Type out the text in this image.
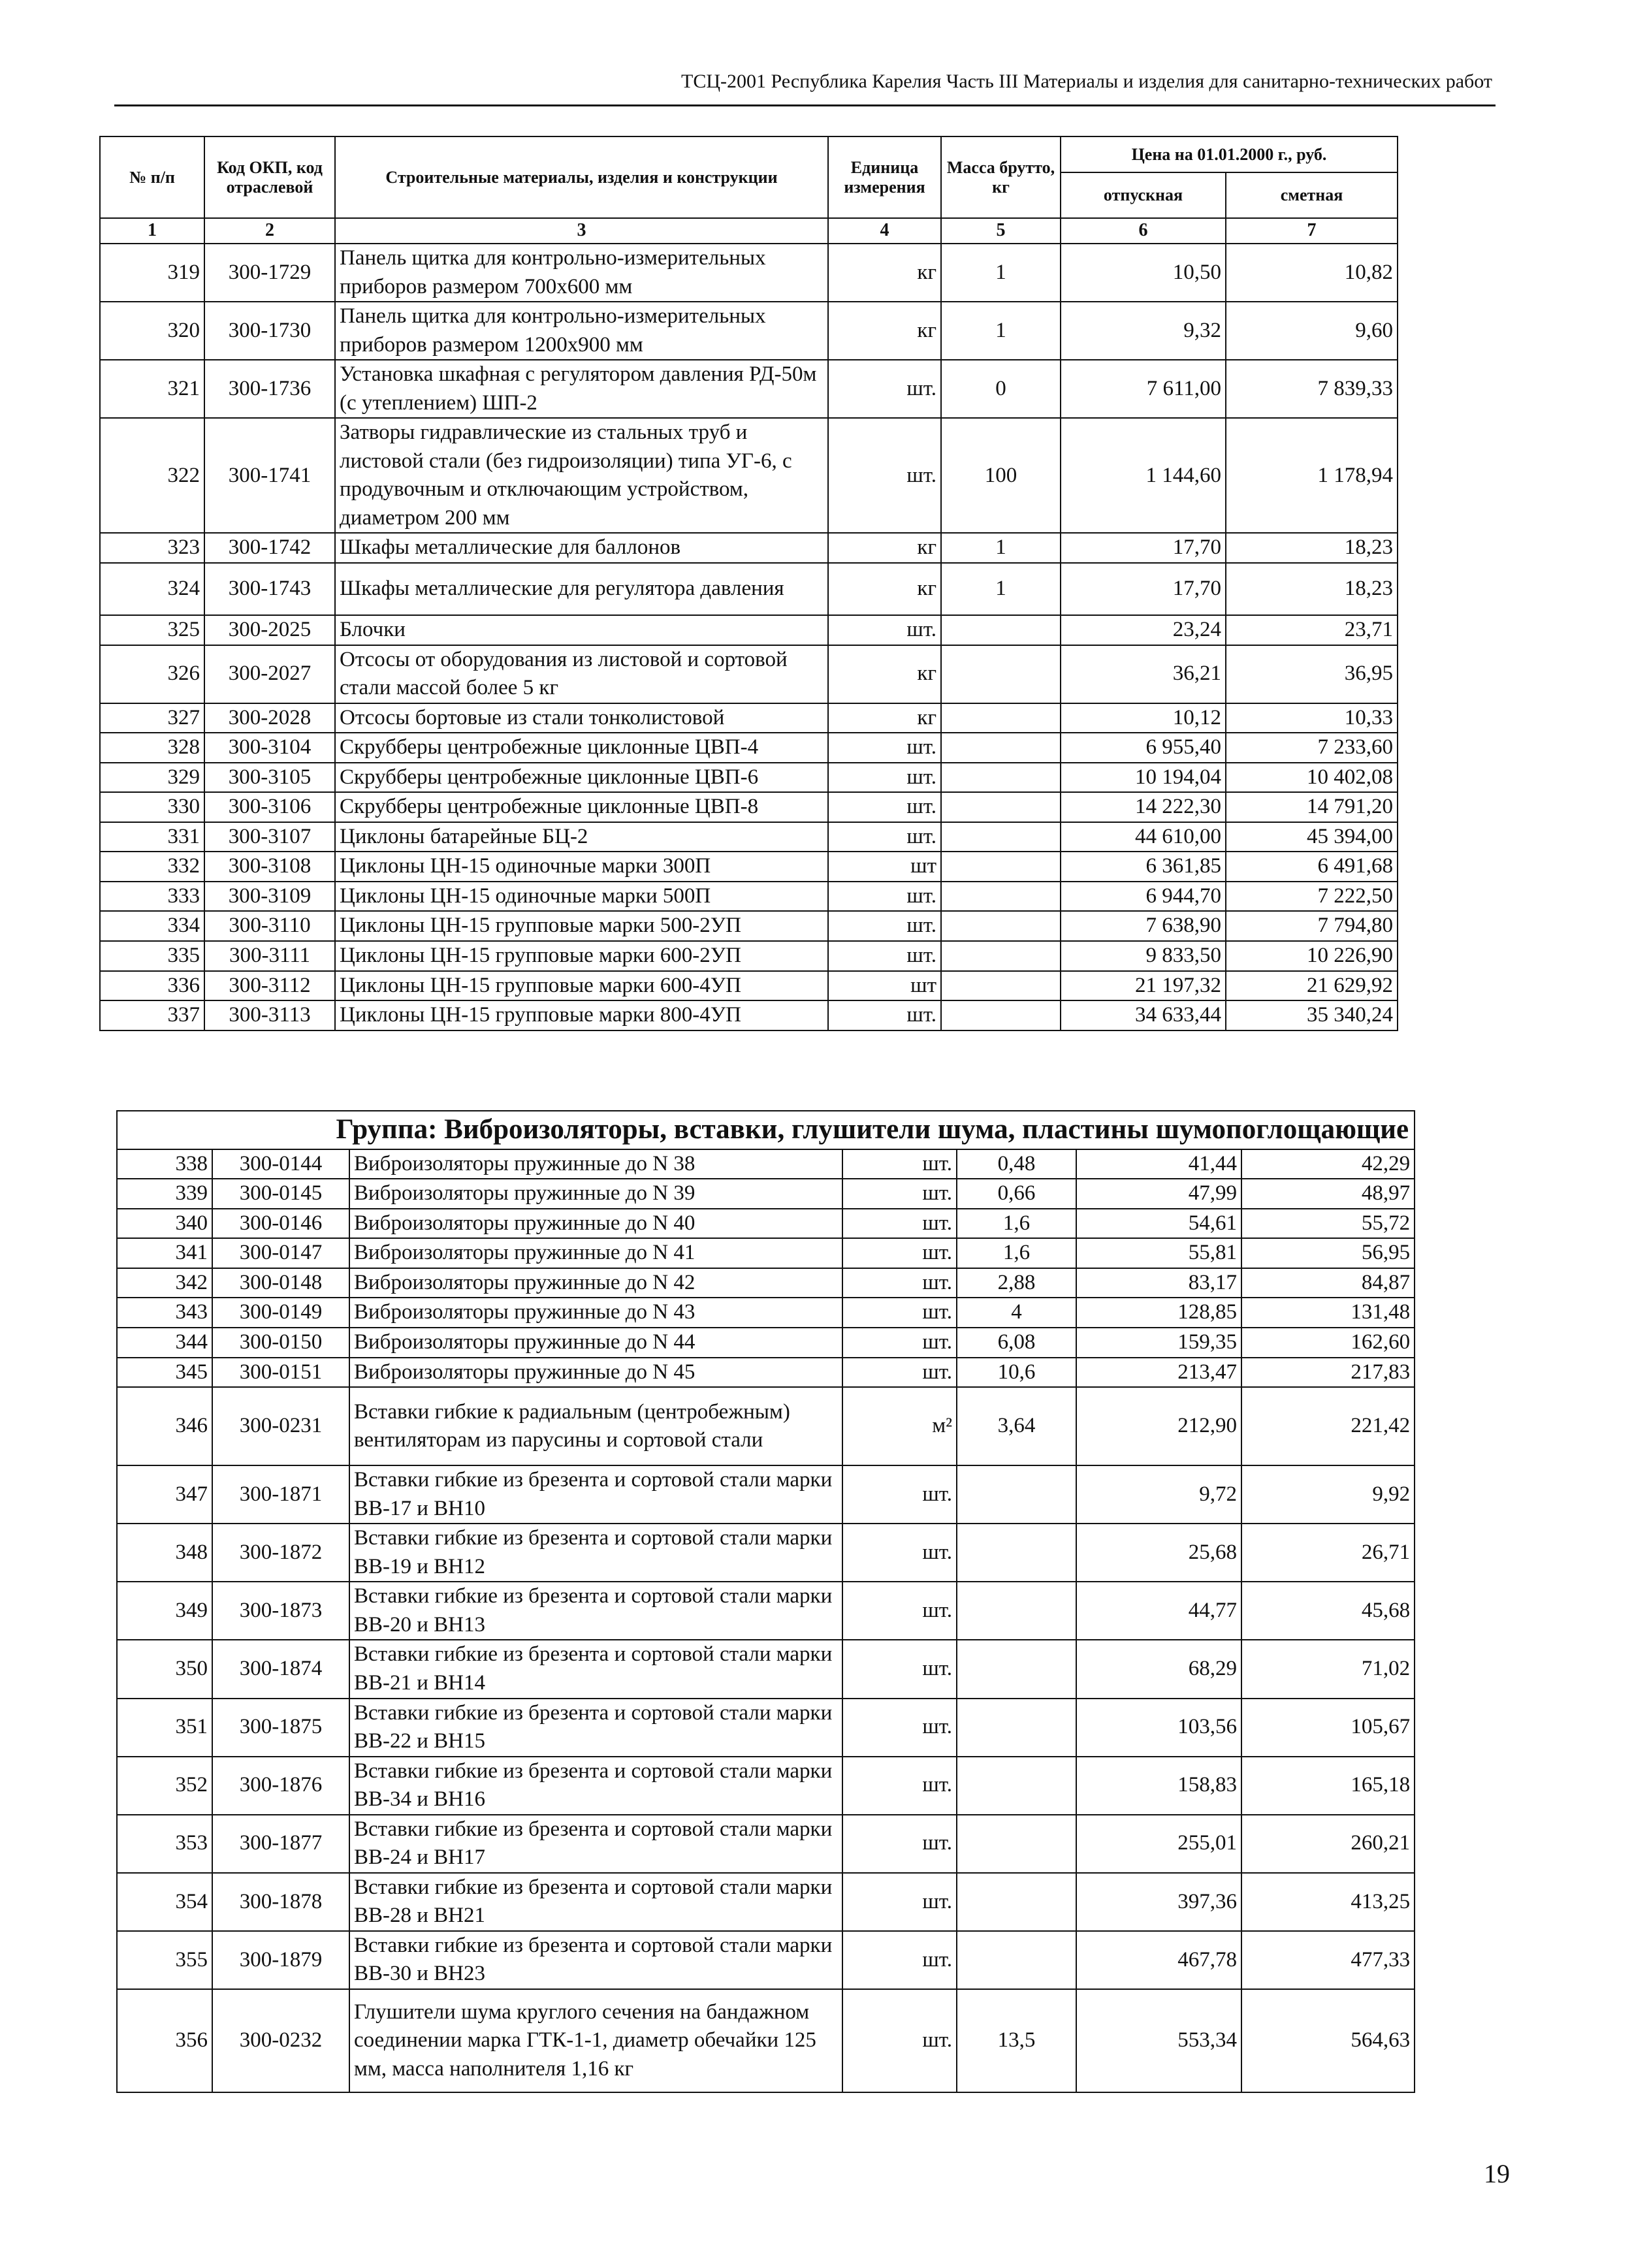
ТСЦ-2001 Республика Карелия Часть III Материалы и изделия для санитарно-технических работ
№ п/п	Код ОКП, код отраслевой	Строительные материалы, изделия и конструкции	Единица измерения	Масса брутто, кг	Цена на 01.01.2000 г., руб.	
					отпускная	сметная
1	2	3	4	5	6	7
319	300-1729	Панель щитка для контрольно-измерительных приборов размером 700x600 мм	кг	1	10,50	10,82
320	300-1730	Панель щитка для контрольно-измерительных приборов размером 1200x900 мм	кг	1	9,32	9,60
321	300-1736	Установка шкафная с регулятором давления РД-50м (с утеплением) ШП-2	шт.	0	7 611,00	7 839,33
322	300-1741	Затворы гидравлические из стальных труб и листовой стали (без гидроизоляции) типа УГ-6, с продувочным и отключающим устройством, диаметром 200 мм	шт.	100	1 144,60	1 178,94
323	300-1742	Шкафы металлические для баллонов	кг	1	17,70	18,23
324	300-1743	Шкафы металлические для регулятора давления	кг	1	17,70	18,23
325	300-2025	Блочки	шт.		23,24	23,71
326	300-2027	Отсосы от оборудования из листовой и сортовой стали массой более 5 кг	кг		36,21	36,95
327	300-2028	Отсосы бортовые из стали тонколистовой	кг		10,12	10,33
328	300-3104	Скрубберы центробежные циклонные ЦВП-4	шт.		6 955,40	7 233,60
329	300-3105	Скрубберы центробежные циклонные ЦВП-6	шт.		10 194,04	10 402,08
330	300-3106	Скрубберы центробежные циклонные ЦВП-8	шт.		14 222,30	14 791,20
331	300-3107	Циклоны батарейные БЦ-2	шт.		44 610,00	45 394,00
332	300-3108	Циклоны ЦН-15 одиночные марки 300П	шт		6 361,85	6 491,68
333	300-3109	Циклоны ЦН-15 одиночные марки 500П	шт.		6 944,70	7 222,50
334	300-3110	Циклоны ЦН-15 групповые марки 500-2УП	шт.		7 638,90	7 794,80
335	300-3111	Циклоны ЦН-15 групповые марки 600-2УП	шт.		9 833,50	10 226,90
336	300-3112	Циклоны ЦН-15 групповые марки 600-4УП	шт		21 197,32	21 629,92
337	300-3113	Циклоны ЦН-15 групповые марки 800-4УП	шт.		34 633,44	35 340,24
Группа: Виброизоляторы, вставки, глушители шума, пластины шумопоглощающие						
338	300-0144	Виброизоляторы пружинные до N 38	шт.	0,48	41,44	42,29
339	300-0145	Виброизоляторы пружинные до N 39	шт.	0,66	47,99	48,97
340	300-0146	Виброизоляторы пружинные до N 40	шт.	1,6	54,61	55,72
341	300-0147	Виброизоляторы пружинные до N 41	шт.	1,6	55,81	56,95
342	300-0148	Виброизоляторы пружинные до N 42	шт.	2,88	83,17	84,87
343	300-0149	Виброизоляторы пружинные до N 43	шт.	4	128,85	131,48
344	300-0150	Виброизоляторы пружинные до N 44	шт.	6,08	159,35	162,60
345	300-0151	Виброизоляторы пружинные до N 45	шт.	10,6	213,47	217,83
346	300-0231	Вставки гибкие к радиальным (центробежным) вентиляторам из парусины и сортовой стали	м²	3,64	212,90	221,42
347	300-1871	Вставки гибкие из брезента и сортовой стали марки ВВ-17 и ВН10	шт.		9,72	9,92
348	300-1872	Вставки гибкие из брезента и сортовой стали марки ВВ-19 и ВН12	шт.		25,68	26,71
349	300-1873	Вставки гибкие из брезента и сортовой стали марки ВВ-20 и ВН13	шт.		44,77	45,68
350	300-1874	Вставки гибкие из брезента и сортовой стали марки ВВ-21 и ВН14	шт.		68,29	71,02
351	300-1875	Вставки гибкие из брезента и сортовой стали марки ВВ-22 и ВН15	шт.		103,56	105,67
352	300-1876	Вставки гибкие из брезента и сортовой стали марки ВВ-34 и ВН16	шт.		158,83	165,18
353	300-1877	Вставки гибкие из брезента и сортовой стали марки ВВ-24 и ВН17	шт.		255,01	260,21
354	300-1878	Вставки гибкие из брезента и сортовой стали марки ВВ-28 и ВН21	шт.		397,36	413,25
355	300-1879	Вставки гибкие из брезента и сортовой стали марки ВВ-30 и ВН23	шт.		467,78	477,33
356	300-0232	Глушители шума круглого сечения на бандажном соединении марка ГТК-1-1, диаметр обечайки 125 мм, масса наполнителя 1,16 кг	шт.	13,5	553,34	564,63
19
